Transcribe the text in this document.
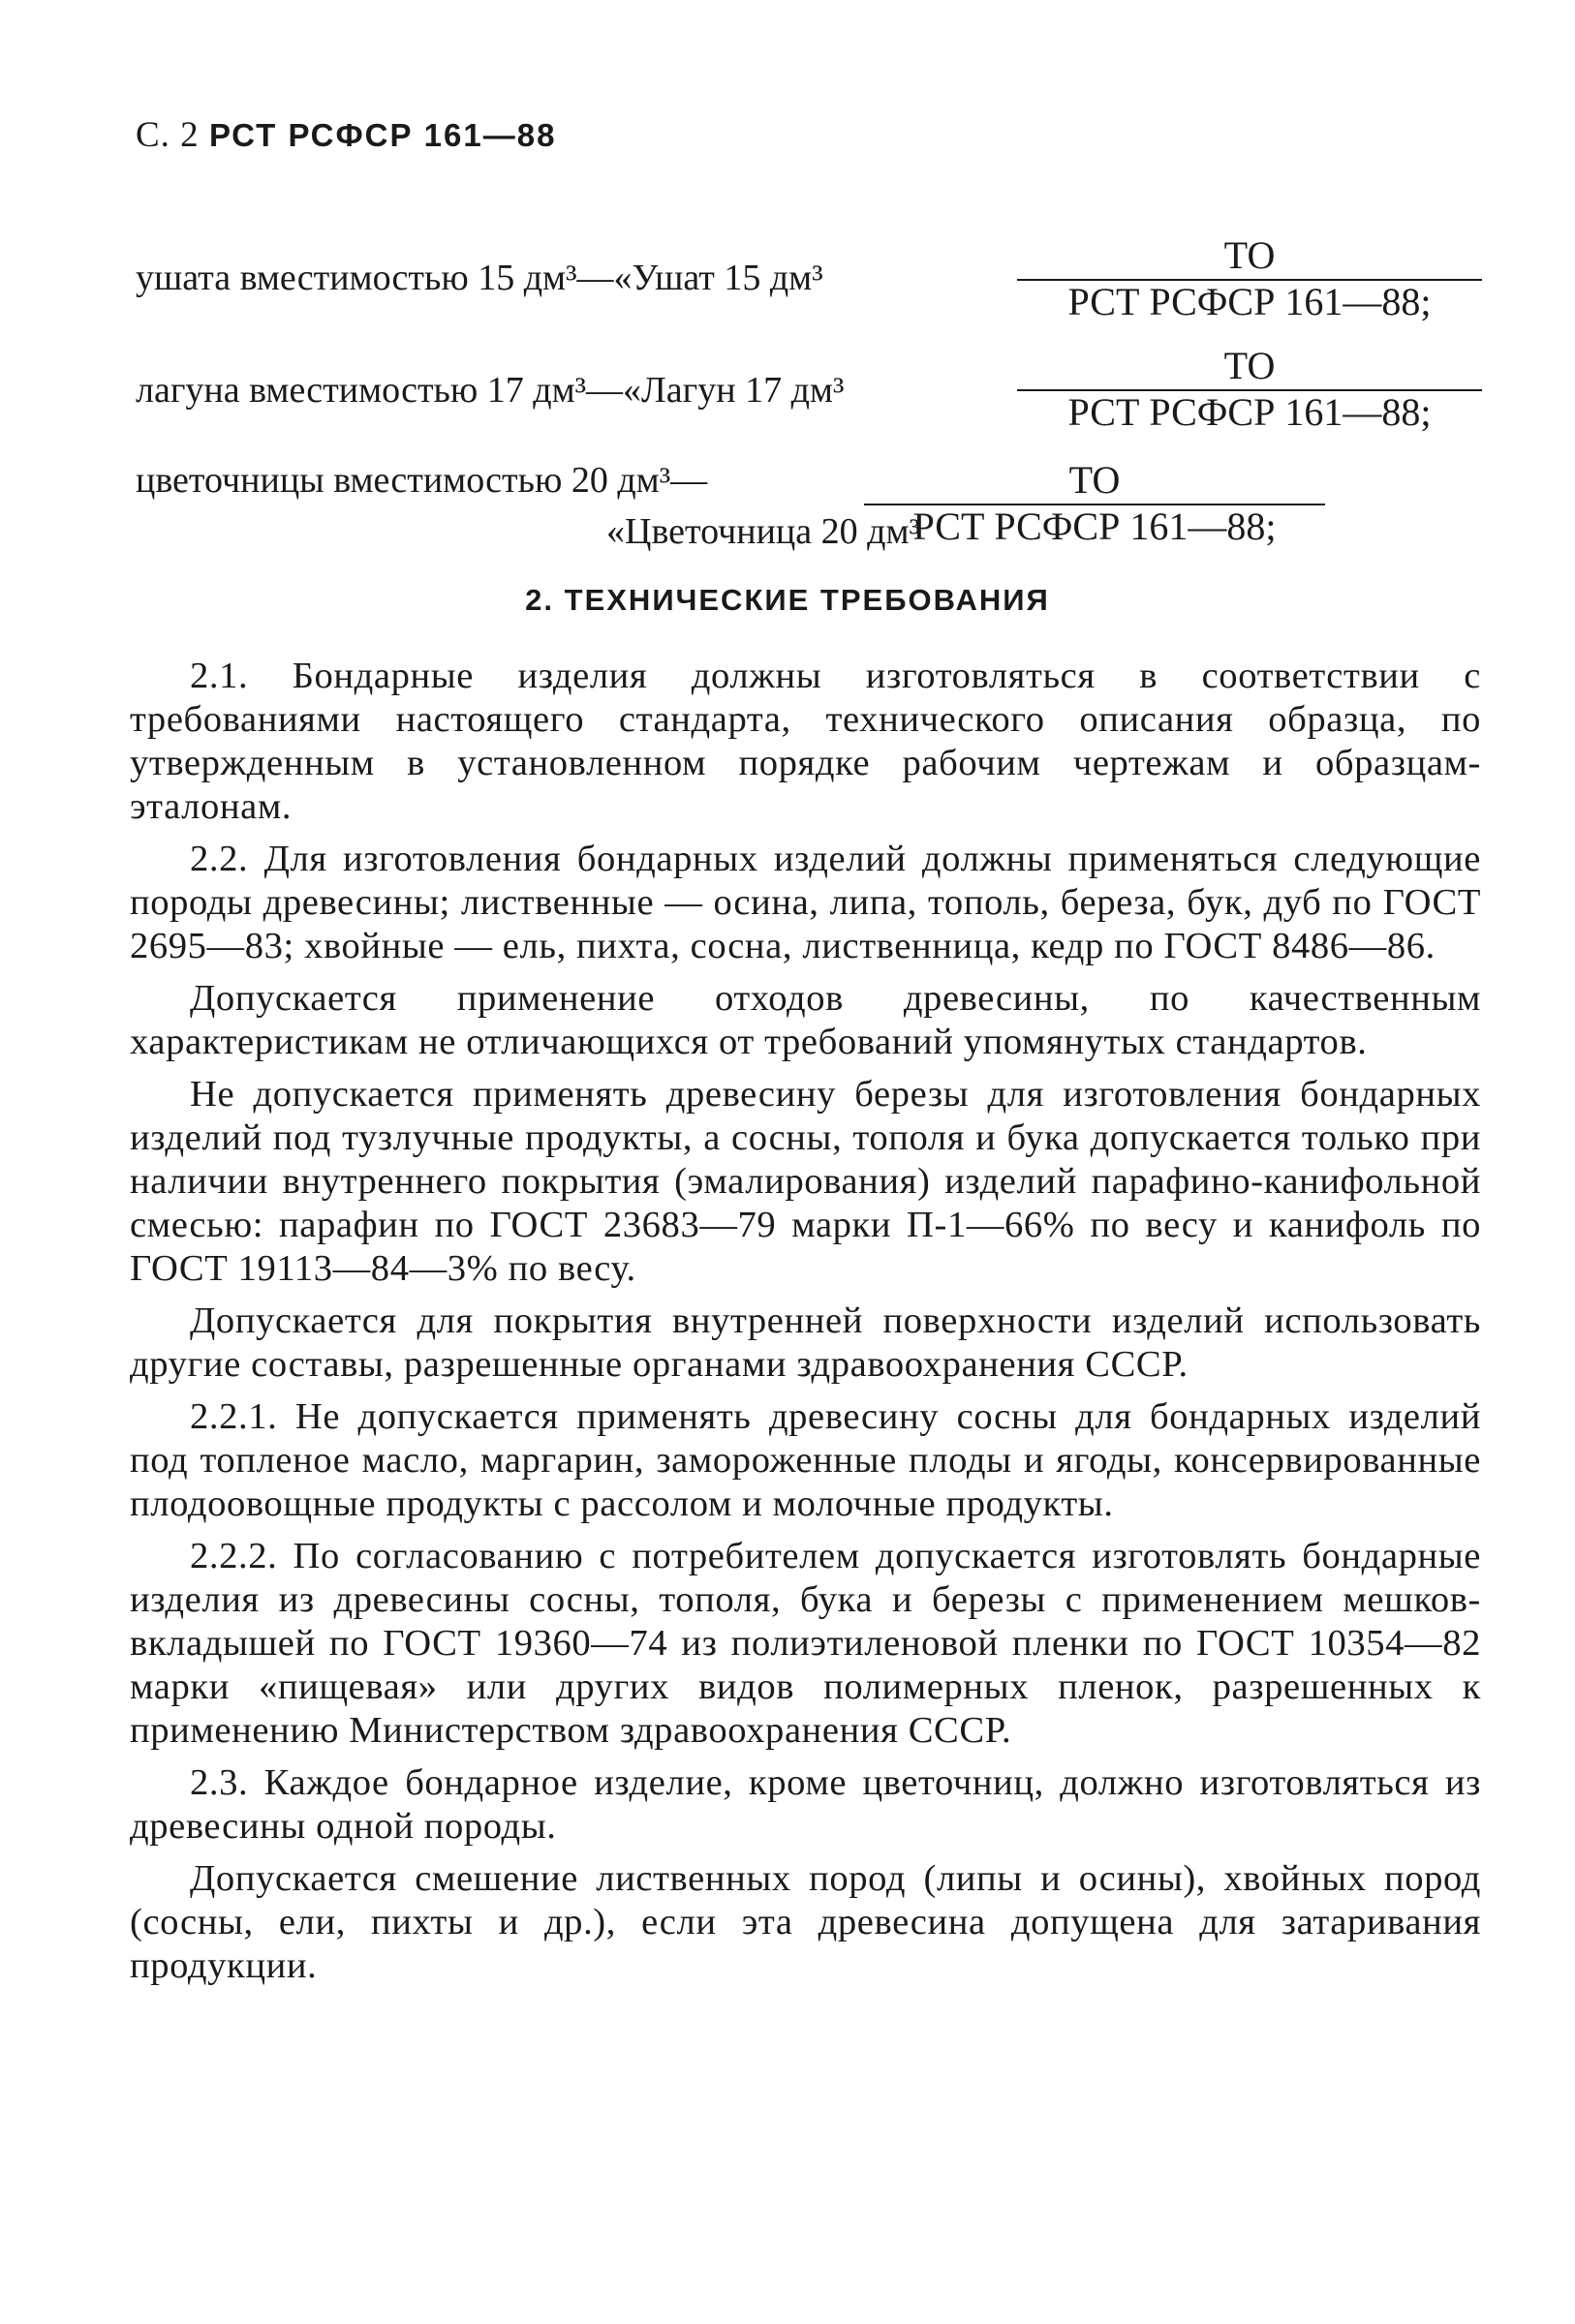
С. 2 РСТ РСФСР 161—88
ушата вместимостью 15 дм³—«Ушат 15 дм³
ТО
РСТ РСФСР 161—88;
лагуна вместимостью 17 дм³—«Лагун 17 дм³
ТО
РСТ РСФСР 161—88;
цветочницы вместимостью 20 дм³—
«Цветочница 20 дм³
ТО
РСТ РСФСР 161—88;
2. ТЕХНИЧЕСКИЕ ТРЕБОВАНИЯ

2.1. Бондарные изделия должны изготовляться в соответствии с требованиями настоящего стандарта, технического описания образца, по утвержденным в установленном порядке рабочим чертежам и образцам-эталонам.

2.2. Для изготовления бондарных изделий должны применяться следующие породы древесины; лиственные — осина, липа, тополь, береза, бук, дуб по ГОСТ 2695—83; хвойные — ель, пихта, сосна, лиственница, кедр по ГОСТ 8486—86.

Допускается применение отходов древесины, по качественным характеристикам не отличающихся от требований упомянутых стандартов.

Не допускается применять древесину березы для изготовления бондарных изделий под тузлучные продукты, а сосны, тополя и бука допускается только при наличии внутреннего покрытия (эмалирования) изделий парафино-канифольной смесью: парафин по ГОСТ 23683—79 марки П-1—66% по весу и канифоль по ГОСТ 19113—84—3% по весу.

Допускается для покрытия внутренней поверхности изделий использовать другие составы, разрешенные органами здравоохранения СССР.

2.2.1. Не допускается применять древесину сосны для бондарных изделий под топленое масло, маргарин, замороженные плоды и ягоды, консервированные плодоовощные продукты с рассолом и молочные продукты.

2.2.2. По согласованию с потребителем допускается изготовлять бондарные изделия из древесины сосны, тополя, бука и березы с применением мешков-вкладышей по ГОСТ 19360—74 из полиэтиленовой пленки по ГОСТ 10354—82 марки «пищевая» или других видов полимерных пленок, разрешенных к применению Министерством здравоохранения СССР.

2.3. Каждое бондарное изделие, кроме цветочниц, должно изготовляться из древесины одной породы.

Допускается смешение лиственных пород (липы и осины), хвойных пород (сосны, ели, пихты и др.), если эта древесина допущена для затаривания продукции.
